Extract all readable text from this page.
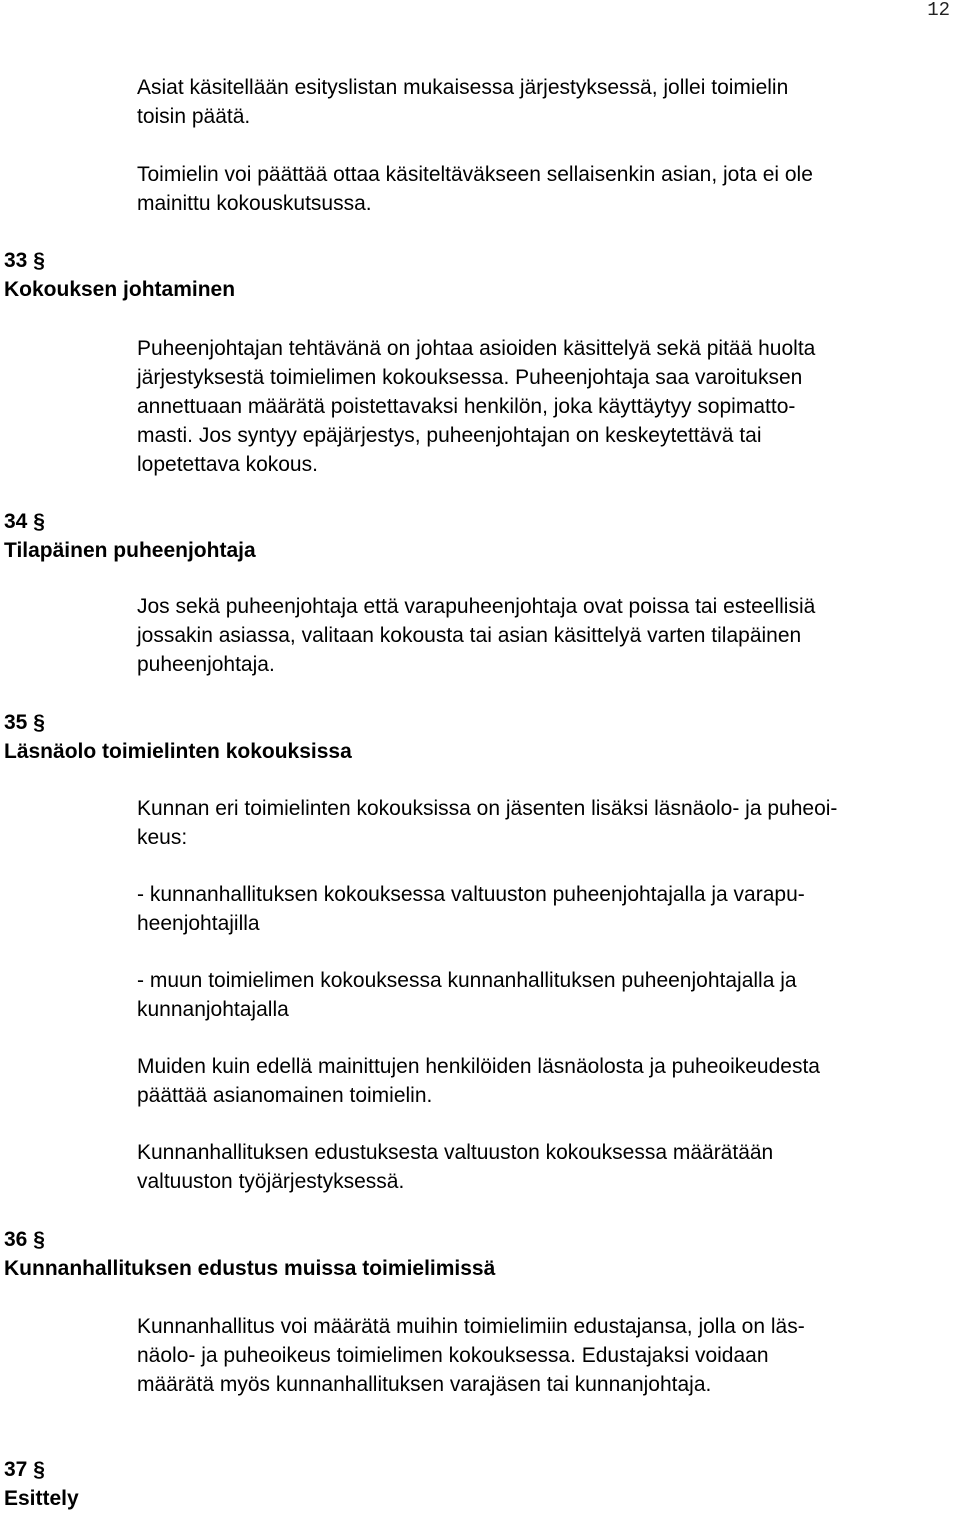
12
Asiat käsitellään esityslistan mukaisessa järjestyksessä, jollei toimielin
toisin päätä.
Toimielin voi päättää ottaa käsiteltäväkseen sellaisenkin asian, jota ei ole
mainittu kokouskutsussa.
33 §
Kokouksen johtaminen
Puheenjohtajan tehtävänä on johtaa asioiden käsittelyä sekä pitää huolta
järjestyksestä toimielimen kokouksessa. Puheenjohtaja saa varoituksen
annettuaan määrätä poistettavaksi henkilön, joka käyttäytyy sopimatto-
masti. Jos syntyy epäjärjestys, puheenjohtajan on keskeytettävä tai
lopetettava kokous.
34 §
Tilapäinen puheenjohtaja
Jos sekä puheenjohtaja että varapuheenjohtaja ovat poissa tai esteellisiä
jossakin asiassa, valitaan kokousta tai asian käsittelyä varten tilapäinen
puheenjohtaja.
35 §
Läsnäolo toimielinten kokouksissa
Kunnan eri toimielinten kokouksissa on jäsenten lisäksi läsnäolo- ja puheoi-
keus:
- kunnanhallituksen kokouksessa valtuuston puheenjohtajalla ja varapu-
heenjohtajilla
- muun toimielimen kokouksessa kunnanhallituksen puheenjohtajalla ja
kunnanjohtajalla
Muiden kuin edellä mainittujen henkilöiden läsnäolosta ja puheoikeudesta
päättää asianomainen toimielin.
Kunnanhallituksen edustuksesta valtuuston kokouksessa määrätään
valtuuston työjärjestyksessä.
36 §
Kunnanhallituksen edustus muissa toimielimissä
Kunnanhallitus voi määrätä muihin toimielimiin edustajansa, jolla on läs-
näolo- ja puheoikeus toimielimen kokouksessa. Edustajaksi voidaan
määrätä myös kunnanhallituksen varajäsen tai kunnanjohtaja.
37 §
Esittely
